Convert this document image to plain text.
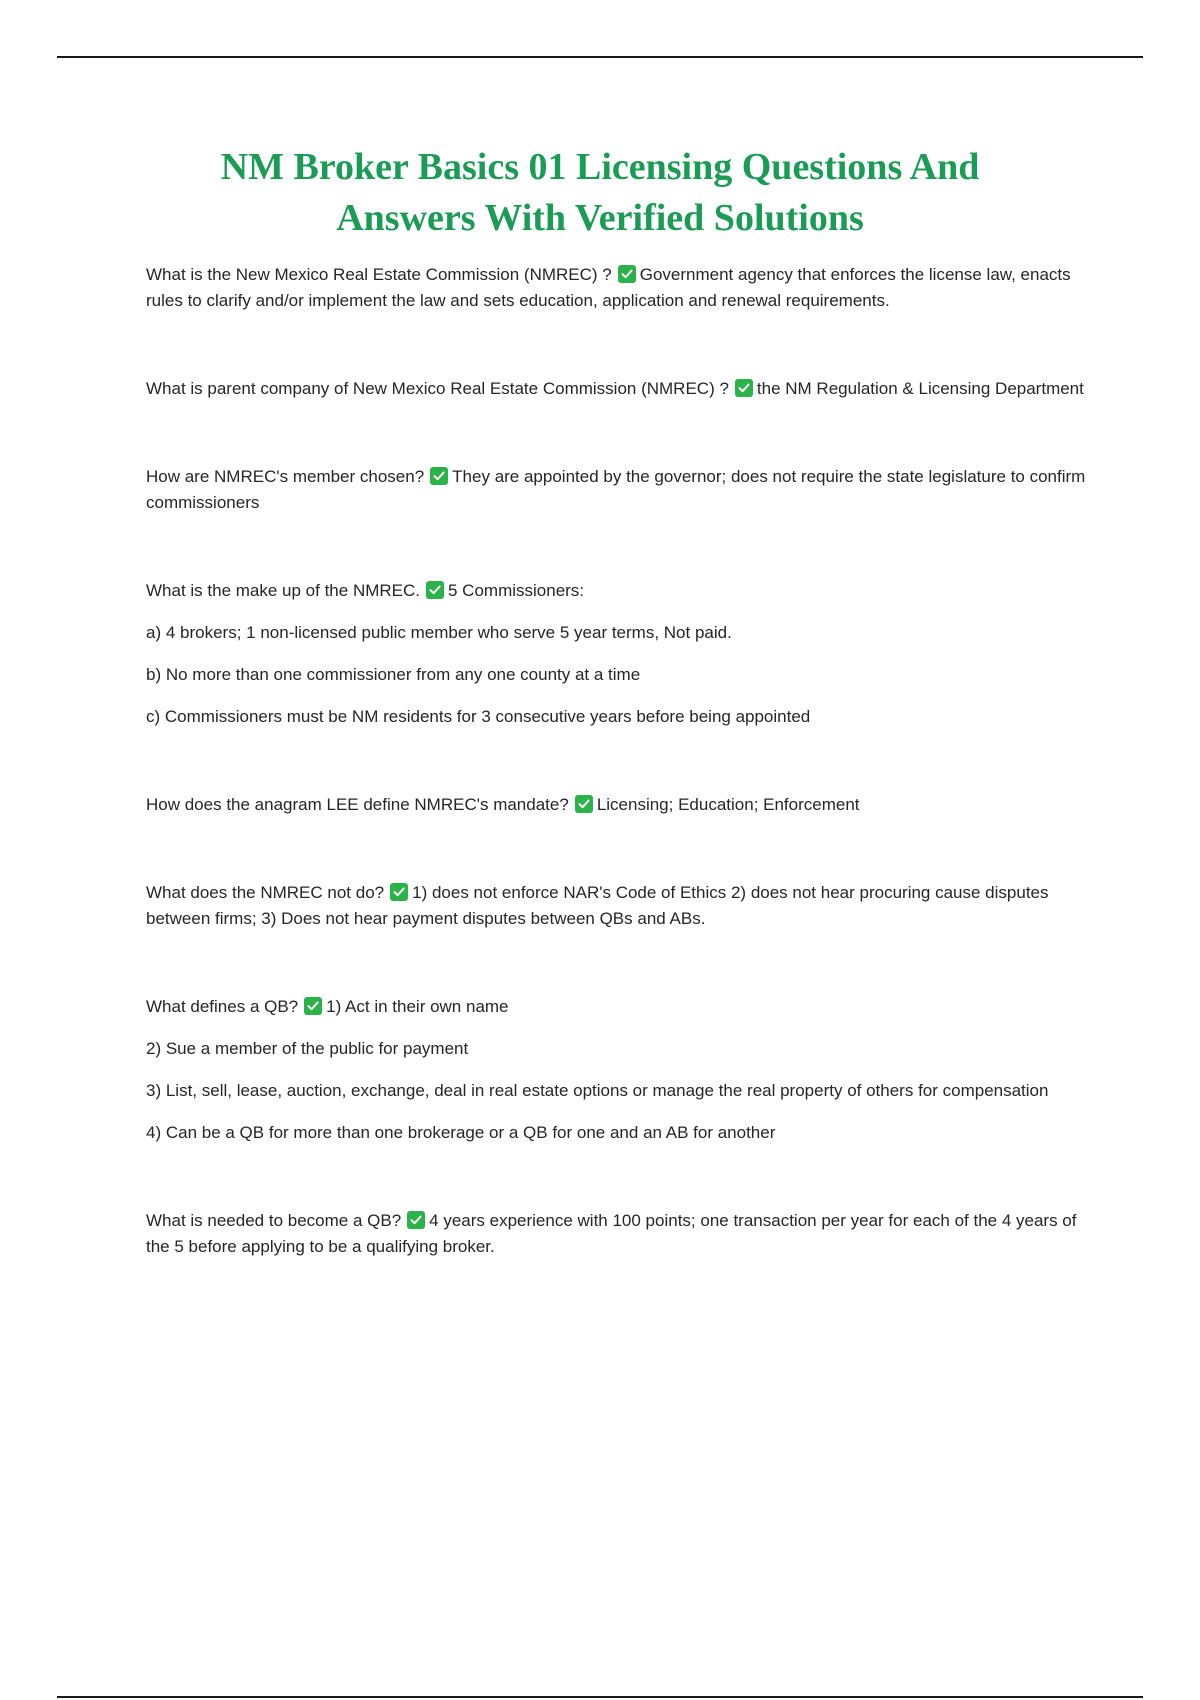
NM Broker Basics 01 Licensing Questions And
Answers With Verified Solutions

What is the New Mexico Real Estate Commission (NMREC) ? Government agency that enforces the license law, enacts rules to clarify and/or implement the law and sets education, application and renewal requirements.

What is parent company of New Mexico Real Estate Commission (NMREC) ? the NM Regulation & Licensing Department

How are NMREC's member chosen? They are appointed by the governor; does not require the state legislature to confirm commissioners

What is the make up of the NMREC. 5 Commissioners:

a) 4 brokers; 1 non-licensed public member who serve 5 year terms, Not paid.

b) No more than one commissioner from any one county at a time

c) Commissioners must be NM residents for 3 consecutive years before being appointed

How does the anagram LEE define NMREC's mandate? Licensing; Education; Enforcement

What does the NMREC not do? 1) does not enforce NAR's Code of Ethics 2) does not hear procuring cause disputes between firms; 3) Does not hear payment disputes between QBs and ABs.

What defines a QB? 1) Act in their own name

2) Sue a member of the public for payment

3) List, sell, lease, auction, exchange, deal in real estate options or manage the real property of others for compensation

4) Can be a QB for more than one brokerage or a QB for one and an AB for another

What is needed to become a QB? 4 years experience with 100 points; one transaction per year for each of the 4 years of the 5 before applying to be a qualifying broker.
